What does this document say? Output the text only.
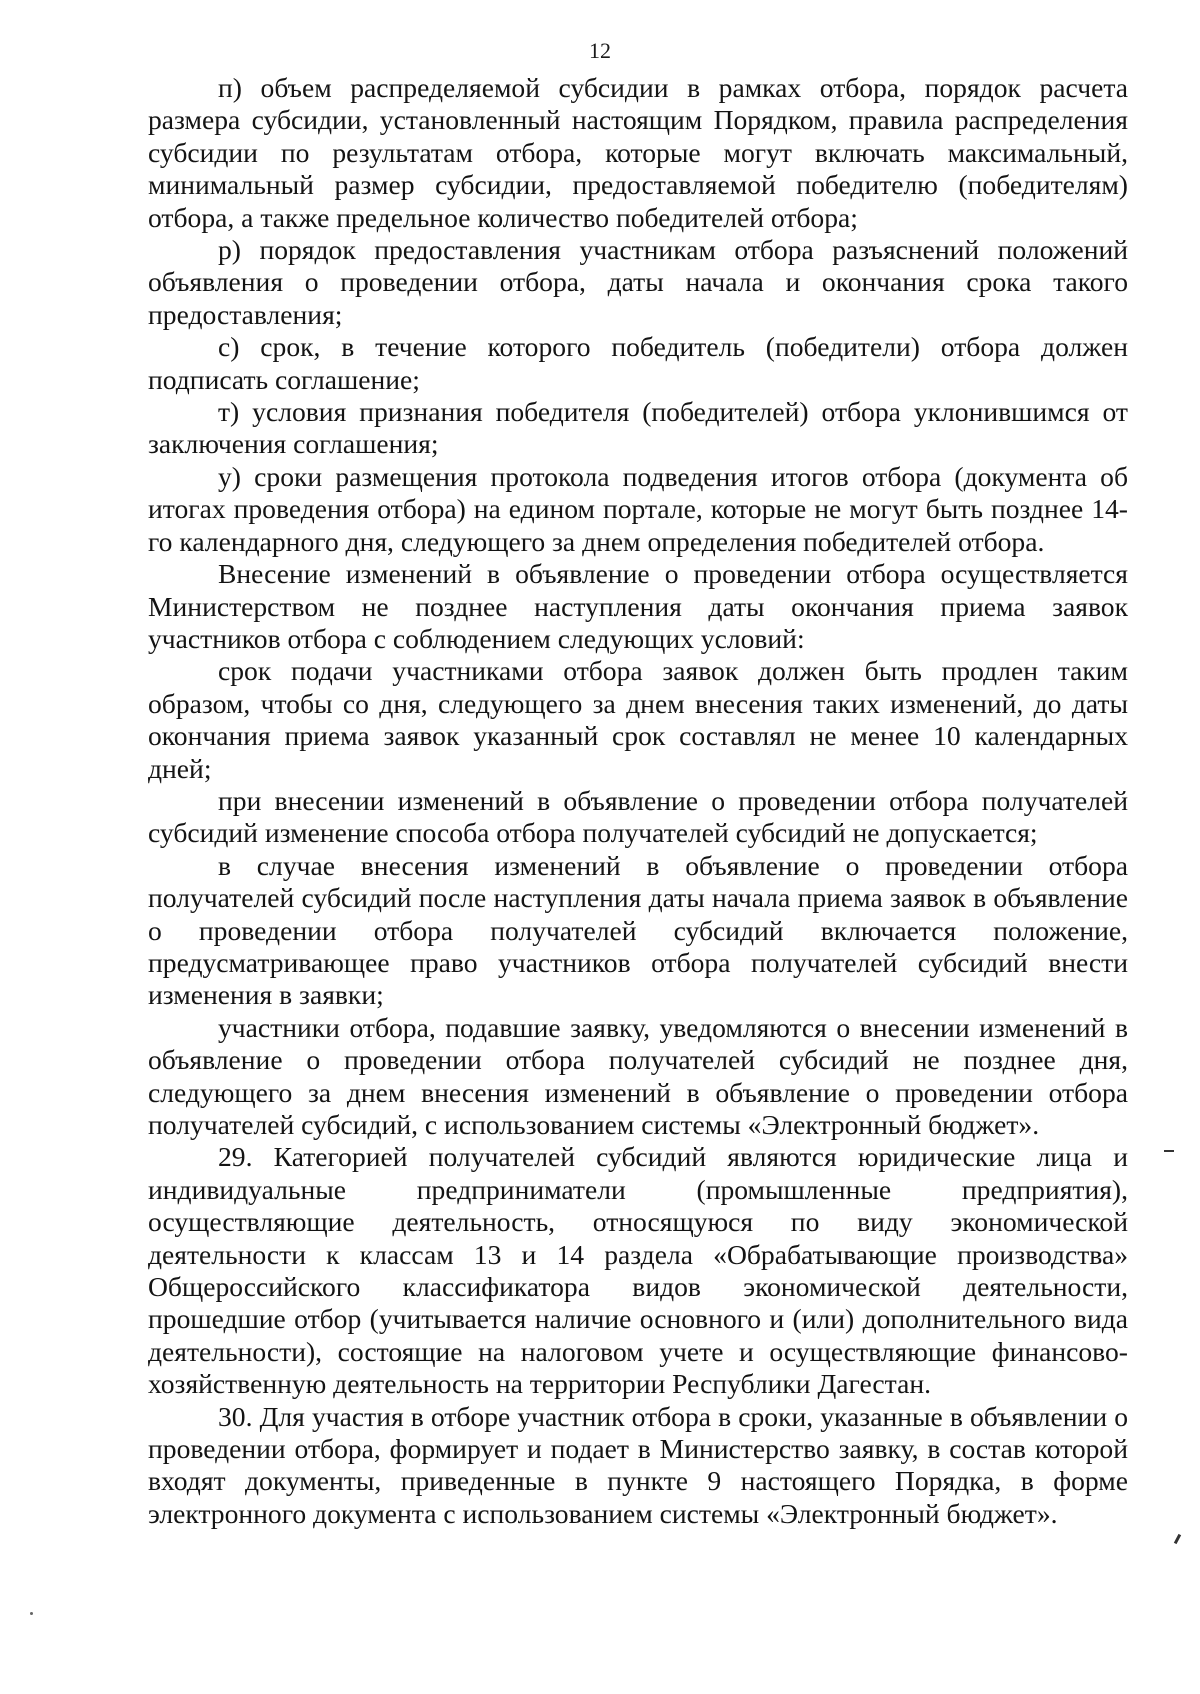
12

п) объем распределяемой субсидии в рамках отбора, порядок расчета размера субсидии, установленный настоящим Порядком, правила распределения субсидии по результатам отбора, которые могут включать максимальный, минимальный размер субсидии, предоставляемой победителю (победителям) отбора, а также предельное количество победителей отбора;

р) порядок предоставления участникам отбора разъяснений положений объявления о проведении отбора, даты начала и окончания срока такого предоставления;

с) срок, в течение которого победитель (победители) отбора должен подписать соглашение;

т) условия признания победителя (победителей) отбора уклонившимся от заключения соглашения;

у) сроки размещения протокола подведения итогов отбора (документа об итогах проведения отбора) на едином портале, которые не могут быть позднее 14-го календарного дня, следующего за днем определения победителей отбора.

Внесение изменений в объявление о проведении отбора осуществляется Министерством не позднее наступления даты окончания приема заявок участников отбора с соблюдением следующих условий:

срок подачи участниками отбора заявок должен быть продлен таким образом, чтобы со дня, следующего за днем внесения таких изменений, до даты окончания приема заявок указанный срок составлял не менее 10 календарных дней;

при внесении изменений в объявление о проведении отбора получателей субсидий изменение способа отбора получателей субсидий не допускается;

в случае внесения изменений в объявление о проведении отбора получателей субсидий после наступления даты начала приема заявок в объявление о проведении отбора получателей субсидий включается положение, предусматривающее право участников отбора получателей субсидий внести изменения в заявки;

участники отбора, подавшие заявку, уведомляются о внесении изменений в объявление о проведении отбора получателей субсидий не позднее дня, следующего за днем внесения изменений в объявление о проведении отбора получателей субсидий, с использованием системы «Электронный бюджет».

29. Категорией получателей субсидий являются юридические лица и индивидуальные предприниматели (промышленные предприятия), осуществляющие деятельность, относящуюся по виду экономической деятельности к классам 13 и 14 раздела «Обрабатывающие производства» Общероссийского классификатора видов экономической деятельности, прошедшие отбор (учитывается наличие основного и (или) дополнительного вида деятельности), состоящие на налоговом учете и осуществляющие финансово-хозяйственную деятельность на территории Республики Дагестан.

30. Для участия в отборе участник отбора в сроки, указанные в объявлении о проведении отбора, формирует и подает в Министерство заявку, в состав которой входят документы, приведенные в пункте 9 настоящего Порядка, в форме электронного документа с использованием системы «Электронный бюджет».
